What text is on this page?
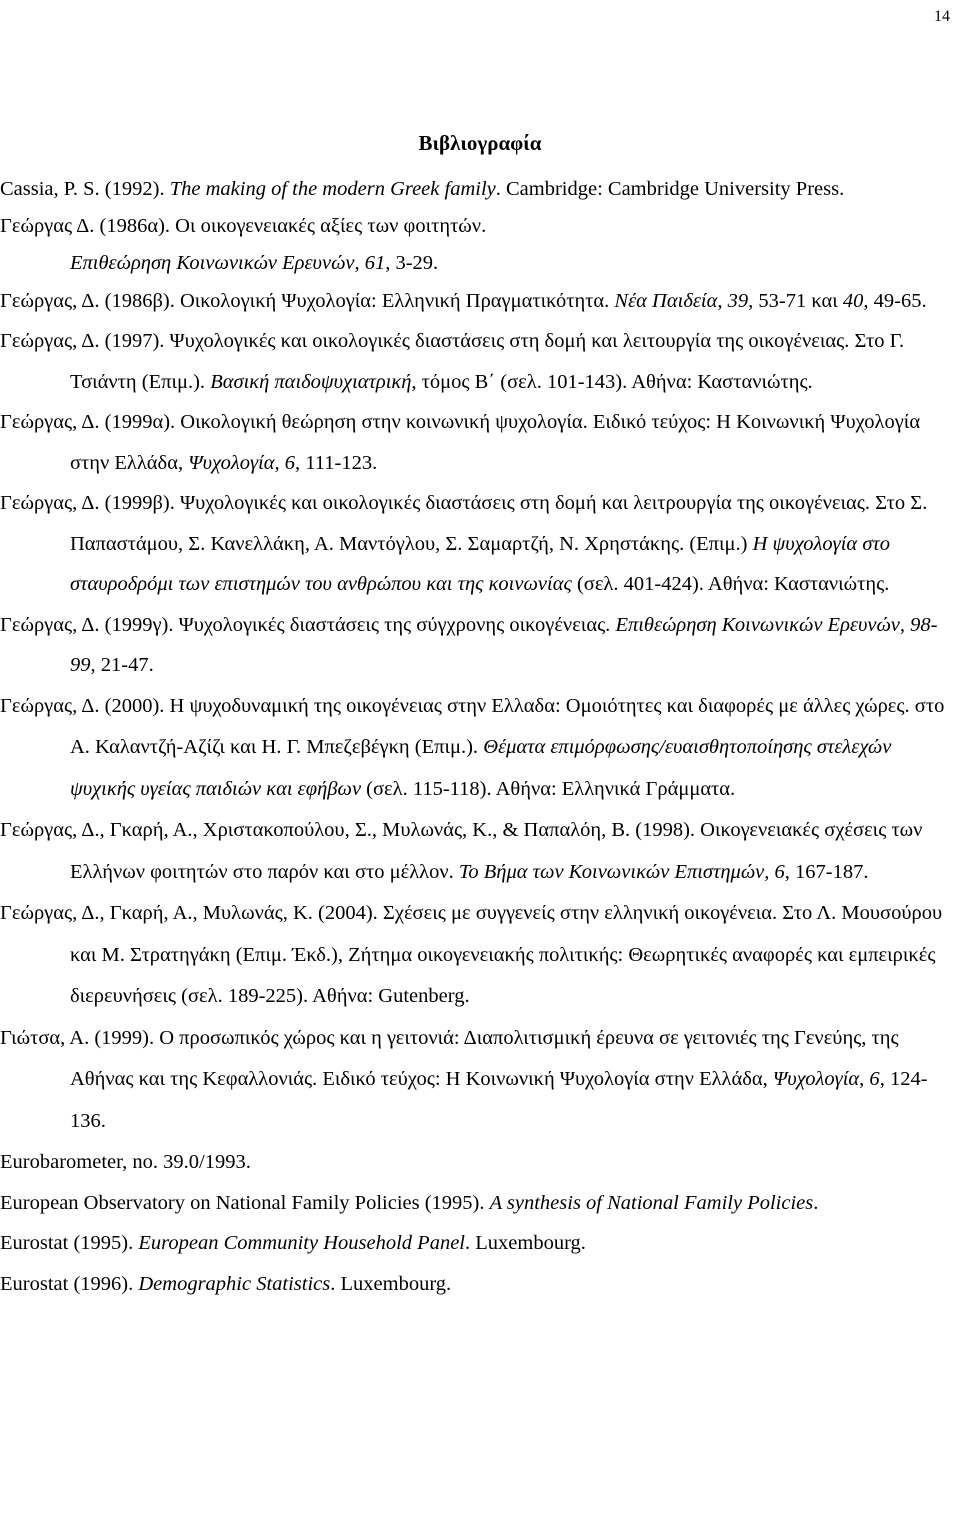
14
Βιβλιογραφία

Cassia, P. S. (1992). The making of the modern Greek family. Cambridge: Cambridge University Press.

Γεώργας Δ. (1986α). Οι οικογενειακές αξίες των φοιτητών. Επιθεώρηση Κοινωνικών Ερευνών, 61, 3-29.

Γεώργας, Δ. (1986β). Οικολογική Ψυχολογία: Ελληνική Πραγματικότητα. Νέα Παιδεία, 39, 53-71 και 40, 49-65.

Γεώργας, Δ. (1997). Ψυχολογικές και οικολογικές διαστάσεις στη δομή και λειτουργία της οικογένειας. Στο Γ. Τσιάντη (Επιμ.). Βασική παιδοψυχιατρική, τόμος Β΄ (σελ. 101-143). Αθήνα: Καστανιώτης.

Γεώργας, Δ. (1999α). Οικολογική θεώρηση στην κοινωνική ψυχολογία. Ειδικό τεύχος: Η Κοινωνική Ψυχολογία στην Ελλάδα, Ψυχολογία, 6, 111-123.

Γεώργας, Δ. (1999β). Ψυχολογικές και οικολογικές διαστάσεις στη δομή και λειτρουργία της οικογένειας. Στο Σ. Παπαστάμου, Σ. Κανελλάκη, Α. Μαντόγλου, Σ. Σαμαρτζή, Ν. Χρηστάκης. (Επιμ.) Η ψυχολογία στο σταυροδρόμι των επιστημών του ανθρώπου και της κοινωνίας (σελ. 401-424). Αθήνα: Καστανιώτης.

Γεώργας, Δ. (1999γ). Ψυχολογικές διαστάσεις της σύγχρονης οικογένειας. Επιθεώρηση Κοινωνικών Ερευνών, 98-99, 21-47.

Γεώργας, Δ. (2000). Η ψυχοδυναμική της οικογένειας στην Ελλαδα: Ομοιότητες και διαφορές με άλλες χώρες. στο Α. Καλαντζή-Αζίζι και Η. Γ. Μπεζεβέγκη (Επιμ.). Θέματα επιμόρφωσης/ευαισθητοποίησης στελεχών ψυχικής υγείας παιδιών και εφήβων (σελ. 115-118). Αθήνα: Ελληνικά Γράμματα.

Γεώργας, Δ., Γκαρή, Α., Χριστακοπούλου, Σ., Μυλωνάς, Κ., & Παπαλόη, Β. (1998). Οικογενειακές σχέσεις των Ελλήνων φοιτητών στο παρόν και στο μέλλον. Το Βήμα των Κοινωνικών Επιστημών, 6, 167-187.

Γεώργας, Δ., Γκαρή, Α., Μυλωνάς, Κ. (2004). Σχέσεις με συγγενείς στην ελληνική οικογένεια. Στο Λ. Μουσούρου και Μ. Στρατηγάκη (Επιμ. Έκδ.), Ζήτημα οικογενειακής πολιτικής: Θεωρητικές αναφορές και εμπειρικές διερευνήσεις (σελ. 189-225). Αθήνα: Gutenberg.

Γιώτσα, Α. (1999). Ο προσωπικός χώρος και η γειτονιά: Διαπολιτισμική έρευνα σε γειτονιές της Γενεύης, της Αθήνας και της Κεφαλλονιάς. Ειδικό τεύχος: Η Κοινωνική Ψυχολογία στην Ελλάδα, Ψυχολογία, 6, 124-136.

Eurobarometer, no. 39.0/1993.

European Observatory on National Family Policies (1995). A synthesis of National Family Policies.

Eurostat (1995). European Community Household Panel. Luxembourg.

Eurostat (1996). Demographic Statistics. Luxembourg.
